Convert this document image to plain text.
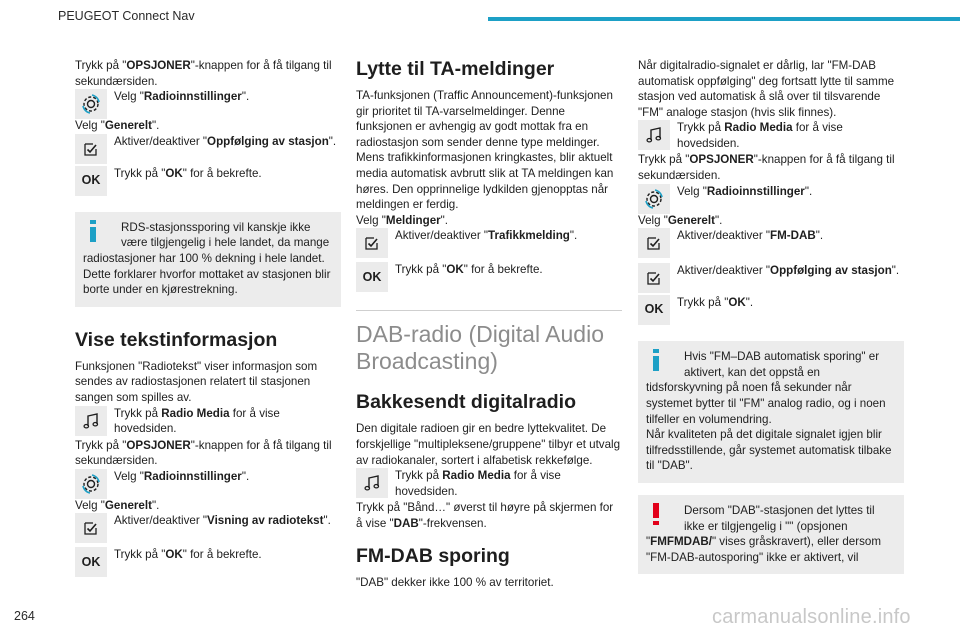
PEUGEOT Connect Nav

Trykk på "OPSJONER"-knappen for å få tilgang til sekundærsiden.

Velg "Radioinnstillinger".

Velg "Generelt".

Aktiver/deaktiver "Oppfølging av stasjon".
OK Trykk på "OK" for å bekrefte.

RDS-stasjonssporing vil kanskje ikke være tilgjengelig i hele landet, da mange

radiostasjoner har 100 % dekning i hele landet. Dette forklarer hvorfor mottaket av stasjonen blir borte under en kjørestrekning.

Vise tekstinformasjon

Funksjonen "Radiotekst" viser informasjon som sendes av radiostasjonen relatert til stasjonen sangen som spilles av.

Trykk på Radio Media for å vise hovedsiden.

Trykk på "OPSJONER"-knappen for å få tilgang til sekundærsiden.

Velg "Radioinnstillinger".

Velg "Generelt".

Aktiver/deaktiver "Visning av radiotekst".
OK Trykk på "OK" for å bekrefte.
Lytte til TA-meldinger

TA-funksjonen (Traffic Announcement)-funksjonen gir prioritet til TA-varselmeldinger. Denne funksjonen er avhengig av godt mottak fra en radiostasjon som sender denne type meldinger. Mens trafikkinformasjonen kringkastes, blir aktuelt media automatisk avbrutt slik at TA meldingen kan høres. Den opprinnelige lydkilden gjenopptas når meldingen er ferdig.

Velg "Meldinger".

Aktiver/deaktiver "Trafikkmelding".
OK Trykk på "OK" for å bekrefte.
DAB-radio (Digital Audio Broadcasting)
Bakkesendt digitalradio

Den digitale radioen gir en bedre lyttekvalitet. De forskjellige "multipleksene/gruppene" tilbyr et utvalg av radiokanaler, sortert i alfabetisk rekkefølge.

Trykk på Radio Media for å vise hovedsiden.

Trykk på "Bånd…" øverst til høyre på skjermen for å vise "DAB"-frekvensen.

FM-DAB sporing

"DAB" dekker ikke 100 % av territoriet.

Når digitalradio-signalet er dårlig, lar "FM-DAB automatisk oppfølging" deg fortsatt lytte til samme stasjon ved automatisk å slå over til tilsvarende "FM" analoge stasjon (hvis slik finnes).

Trykk på Radio Media for å vise hovedsiden.

Trykk på "OPSJONER"-knappen for å få tilgang til sekundærsiden.

Velg "Radioinnstillinger".

Velg "Generelt".

Aktiver/deaktiver "FM-DAB".
Aktiver/deaktiver "Oppfølging av stasjon".
OK Trykk på "OK".

Hvis "FM–DAB automatisk sporing" er aktivert, kan det oppstå en

tidsforskyvning på noen få sekunder når systemet bytter til "FM" analog radio, og i noen tilfeller en volumendring.

Når kvaliteten på det digitale signalet igjen blir tilfredsstillende, går systemet automatisk tilbake til "DAB".

Dersom "DAB"-stasjonen det lyttes til ikke er tilgjengelig i "" (opsjonen

"FMFMDAB/" vises gråskravert), eller dersom "FM-DAB-autosporing" ikke er aktivert, vil

264	carmanualsonline.info
